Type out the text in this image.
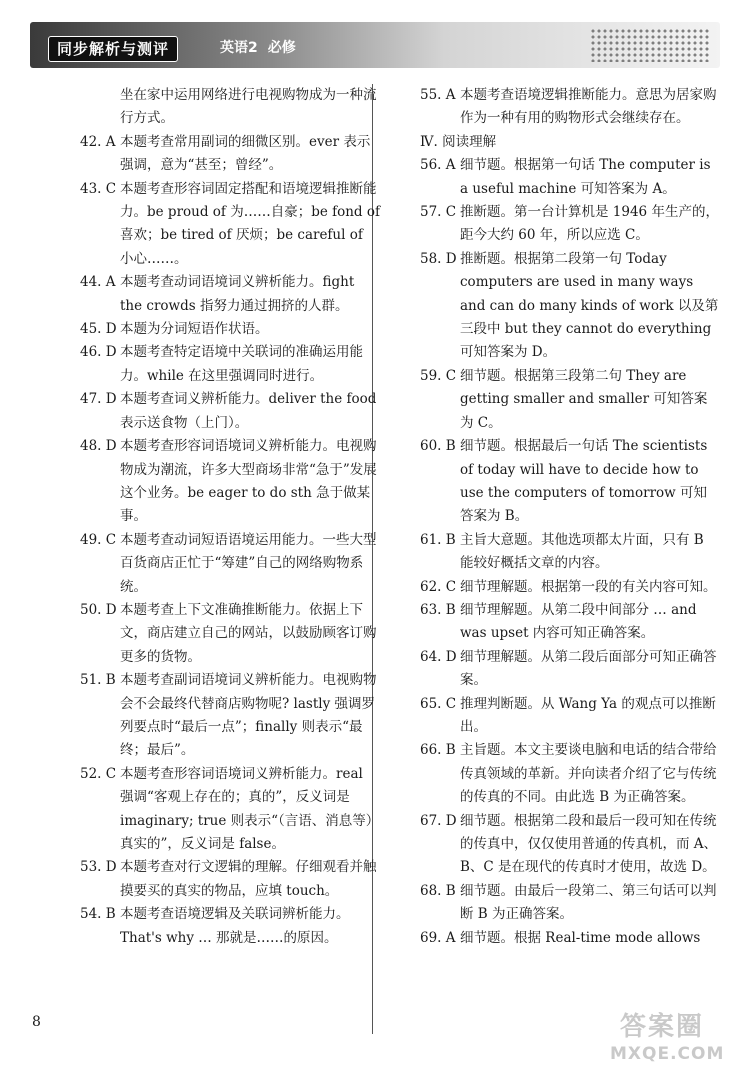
同步解析与测评	英语2 必修
坐在家中运用网络进行电视购物成为一种流行方式。
42. A 本题考查常用副词的细微区别。ever 表示强调，意为“甚至；曾经”。
43. C 本题考查形容词固定搭配和语境逻辑推断能力。be proud of 为……自豪；be fond of 喜欢；be tired of 厌烦；be careful of 小心……。
44. A 本题考查动词语境词义辨析能力。fight the crowds 指努力通过拥挤的人群。
45. D 本题为分词短语作状语。
46. D 本题考查特定语境中关联词的准确运用能力。while 在这里强调同时进行。
47. D 本题考查词义辨析能力。deliver the food 表示送食物（上门）。
48. D 本题考查形容词语境词义辨析能力。电视购物成为潮流，许多大型商场非常“急于”发展这个业务。be eager to do sth 急于做某事。
49. C 本题考查动词短语语境运用能力。一些大型百货商店正忙于“筹建”自己的网络购物系统。
50. D 本题考查上下文准确推断能力。依据上下文，商店建立自己的网站，以鼓励顾客订购更多的货物。
51. B 本题考查副词语境词义辨析能力。电视购物会不会最终代替商店购物呢? lastly 强调罗列要点时“最后一点”；finally 则表示“最终；最后”。
52. C 本题考查形容词语境词义辨析能力。real 强调“客观上存在的；真的”，反义词是 imaginary; true 则表示“（言语、消息等）真实的”，反义词是 false。
53. D 本题考查对行文逻辑的理解。仔细观看并触摸要买的真实的物品，应填 touch。
54. B 本题考查语境逻辑及关联词辨析能力。That's why … 那就是……的原因。
55. A 本题考查语境逻辑推断能力。意思为居家购作为一种有用的购物形式会继续存在。
Ⅳ. 阅读理解
56. A 细节题。根据第一句话 The computer is a useful machine 可知答案为 A。
57. C 推断题。第一台计算机是 1946 年生产的，距今大约 60 年，所以应选 C。
58. D 推断题。根据第二段第一句 Today computers are used in many ways and can do many kinds of work 以及第三段中 but they cannot do everything 可知答案为 D。
59. C 细节题。根据第三段第二句 They are getting smaller and smaller 可知答案为 C。
60. B 细节题。根据最后一句话 The scientists of today will have to decide how to use the computers of tomorrow 可知答案为 B。
61. B 主旨大意题。其他选项都太片面，只有 B 能较好概括文章的内容。
62. C 细节理解题。根据第一段的有关内容可知。
63. B 细节理解题。从第二段中间部分 … and was upset 内容可知正确答案。
64. D 细节理解题。从第二段后面部分可知正确答案。
65. C 推理判断题。从 Wang Ya 的观点可以推断出。
66. B 主旨题。本文主要谈电脑和电话的结合带给传真领域的革新。并向读者介绍了它与传统的传真的不同。由此选 B 为正确答案。
67. D 细节题。根据第二段和最后一段可知在传统的传真中，仅仅使用普通的传真机，而 A、B、C 是在现代的传真时才使用，故选 D。
68. B 细节题。由最后一段第二、第三句话可以判断 B 为正确答案。
69. A 细节题。根据 Real-time mode allows
8	答案圈
MXQE.COM
